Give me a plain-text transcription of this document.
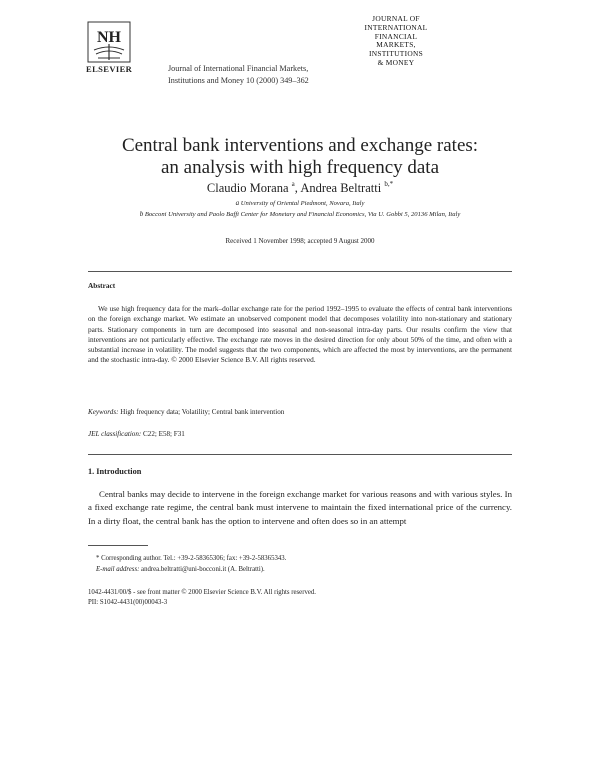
NH
ELSEVIER	Journal of International Financial Markets,
Institutions and Money 10 (2000) 349–362
JOURNAL OF
INTERNATIONAL
FINANCIAL
MARKETS,
INSTITUTIONS
& MONEY
Central bank interventions and exchange rates:
an analysis with high frequency data
Claudio Morana $^a$, Andrea Beltratti $^{b,*}$
$^a$ University of Oriental Piedmont, Novara, Italy
$^b$ Bocconi University and Paolo Baffi Center for Monetary and Financial Economics, Via U. Gobbi 5, 20136 Milan, Italy
Received 1 November 1998; accepted 9 August 2000
Abstract
We use high frequency data for the mark–dollar exchange rate for the period 1992–1995 to evaluate the effects of central bank interventions on the foreign exchange market. We estimate an unobserved component model that decomposes volatility into non-stationary and stationary parts. Stationary components in turn are decomposed into seasonal and non-seasonal intra-day parts. Our results confirm the view that interventions are not particularly effective. The exchange rate moves in the desired direction for only about 50% of the time, and often with a substantial increase in volatility. The model suggests that the two components, which are affected the most by interventions, are the permanent and the stochastic intra-day. © 2000 Elsevier Science B.V. All rights reserved.
Keywords: High frequency data; Volatility; Central bank intervention
JEL classification: C22; E58; F31
1. Introduction
Central banks may decide to intervene in the foreign exchange market for various reasons and with various styles. In a fixed exchange rate regime, the central bank must intervene to maintain the fixed international price of the currency. In a dirty float, the central bank has the option to intervene and often does so in an attempt
* Corresponding author. Tel.: +39-2-58365306; fax: +39-2-58365343.
E-mail address: andrea.beltratti@uni-bocconi.it (A. Beltratti).
1042-4431/00/$ - see front matter © 2000 Elsevier Science B.V. All rights reserved.
PII: S1042-4431(00)00043-3
